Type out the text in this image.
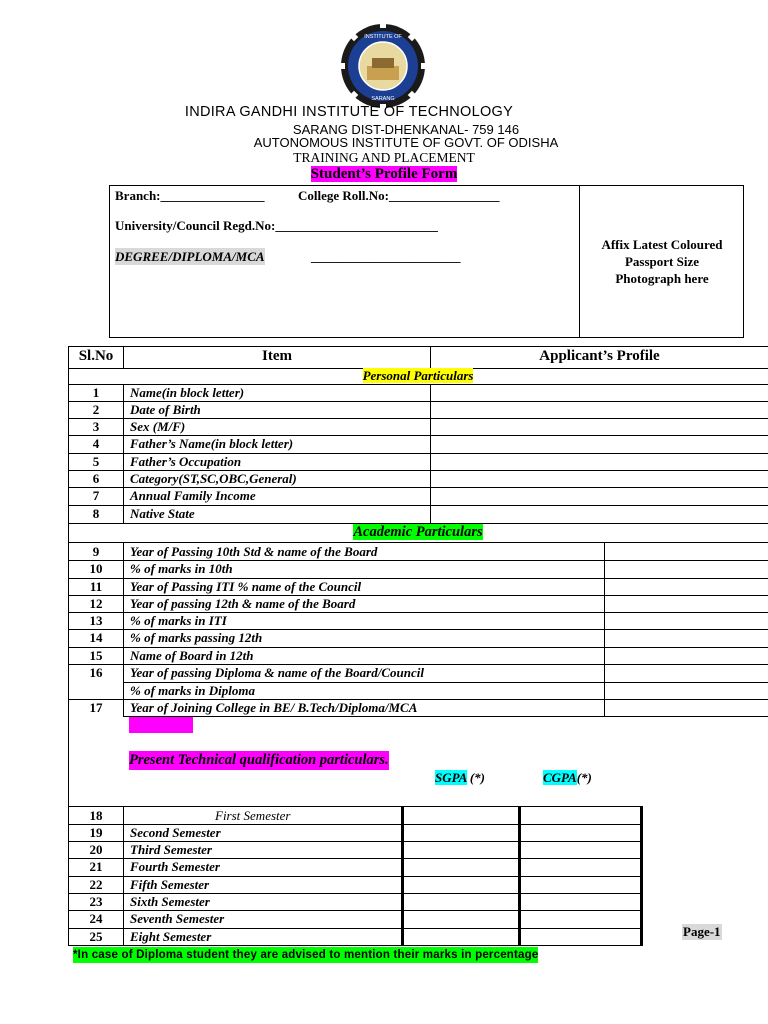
INSTITUTE OF
SARANG
INDIRA GANDHI INSTITUTE OF TECHNOLOGY
SARANG DIST-DHENKANAL- 759 146
AUTONOMOUS INSTITUTE OF GOVT. OF ODISHA
TRAINING AND PLACEMENT
Student’s Profile Form
Branch:________________	College Roll.No:_________________
University/Council Regd.No:_________________________
DEGREE/DIPLOMA/MCA	_______________________
Affix Latest Coloured
Passport Size
Photograph here
Sl.No	Item	Applicant’s Profile
Personal Particulars
1	Name(in block letter)
2	Date of Birth
3	Sex (M/F)
4	Father’s Name(in block letter)
5	Father’s Occupation
6	Category(ST,SC,OBC,General)
7	Annual Family Income
8	Native State
Academic Particulars
9	Year of Passing 10th Std & name of the Board
10	% of marks in 10th
11	Year of Passing ITI % name of the Council
12	Year of passing 12th & name of the Board
13	% of marks in ITI
14	% of marks passing 12th
15	Name of Board in 12th
16	Year of passing Diploma & name of the Board/Council
% of marks in Diploma
17	Year of Joining College in BE/ B.Tech/Diploma/MCA
Present Technical qualification particulars.
SGPA (*)	CGPA(*)
18	First Semester
19	Second Semester
20	Third Semester
21	Fourth Semester
22	Fifth Semester
23	Sixth Semester
24	Seventh Semester
25	Eight Semester	Page-1
*In case of Diploma student they are advised to mention their marks in percentage
